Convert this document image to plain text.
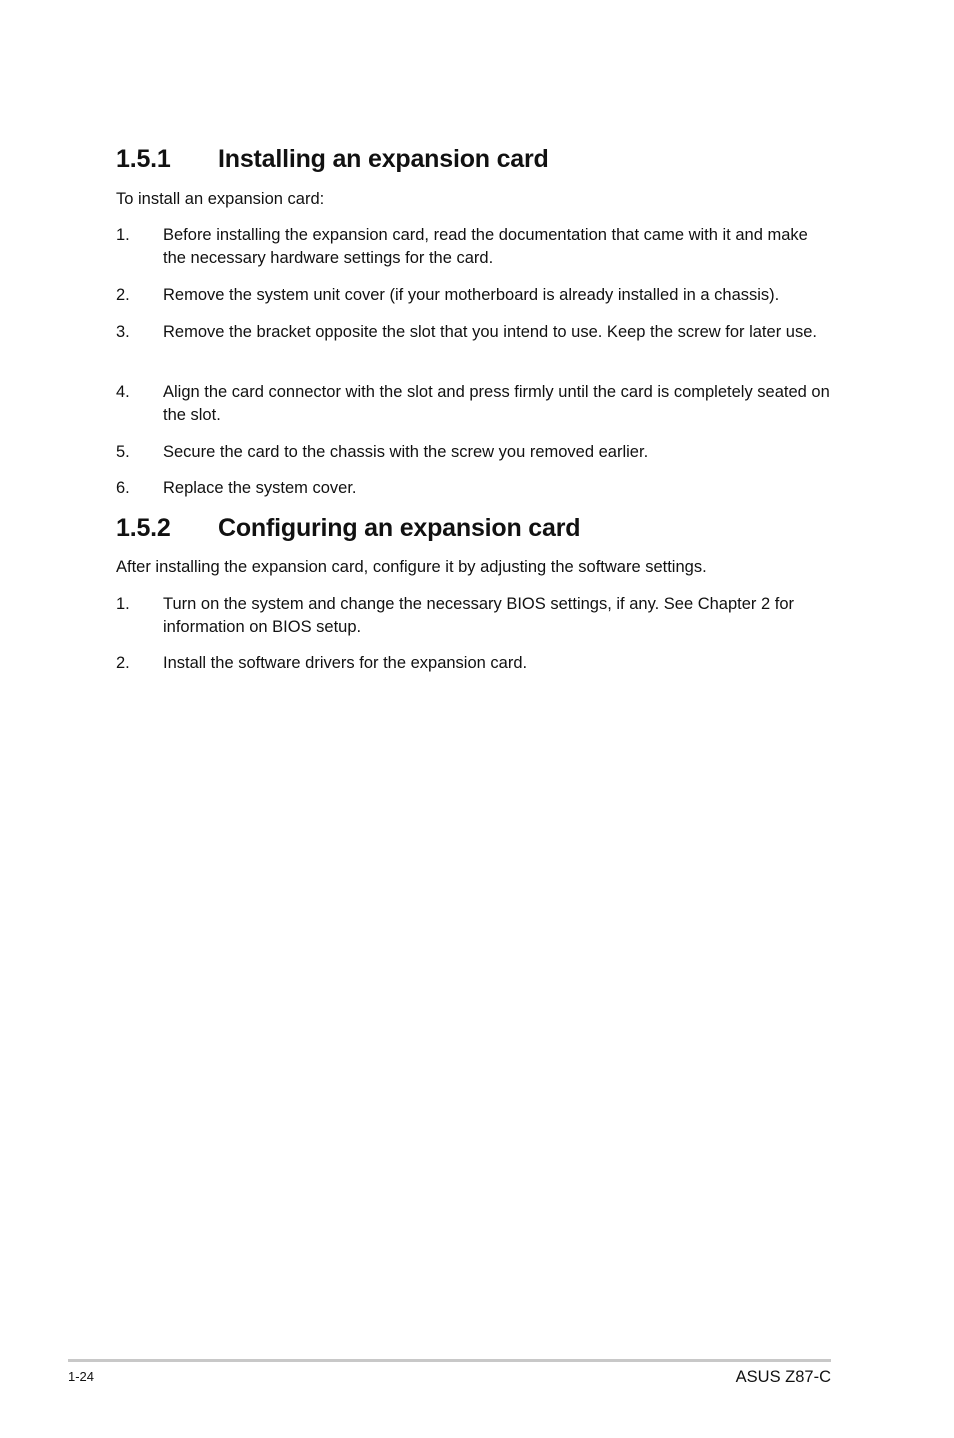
1.5.1 Installing an expansion card

To install an expansion card:

1.	Before installing the expansion card, read the documentation that came with it and make the necessary hardware settings for the card.
2.	Remove the system unit cover (if your motherboard is already installed in a chassis).
3.	Remove the bracket opposite the slot that you intend to use. Keep the screw for later use.
4.	Align the card connector with the slot and press firmly until the card is completely seated on the slot.
5.	Secure the card to the chassis with the screw you removed earlier.
6.	Replace the system cover.
1.5.2 Configuring an expansion card

After installing the expansion card, configure it by adjusting the software settings.

1.	Turn on the system and change the necessary BIOS settings, if any. See Chapter 2 for information on BIOS setup.
2.	Install the software drivers for the expansion card.
1-24	ASUS Z87-C
